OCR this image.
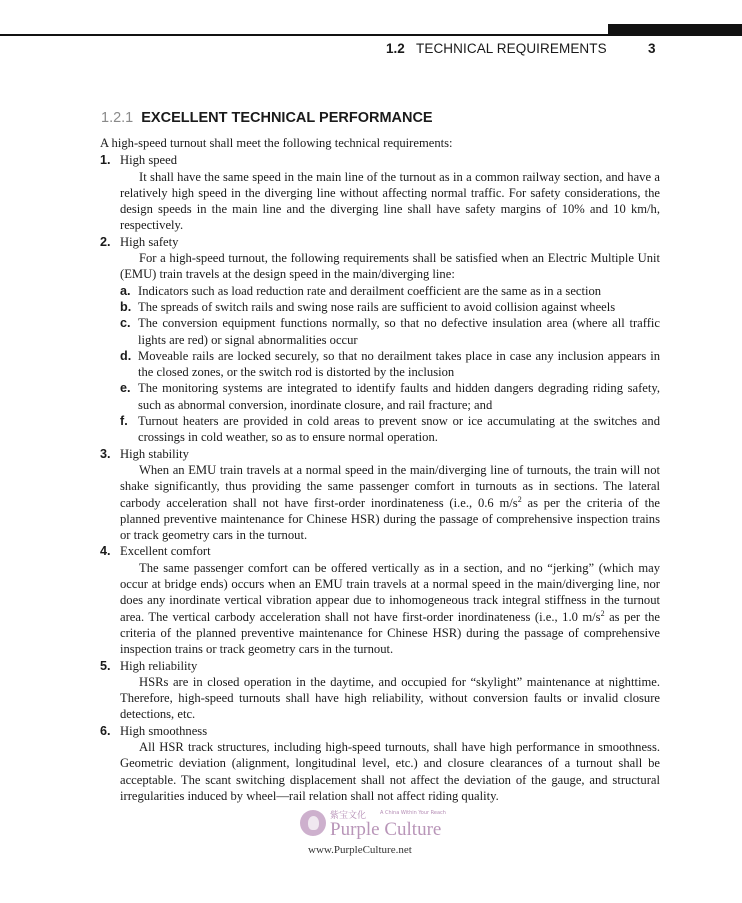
1.2 TECHNICAL REQUIREMENTS	3
1.2.1 EXCELLENT TECHNICAL PERFORMANCE

A high-speed turnout shall meet the following technical requirements:

1. High speed

It shall have the same speed in the main line of the turnout as in a common railway section, and have a relatively high speed in the diverging line without affecting normal traffic. For safety considerations, the design speeds in the main line and the diverging line shall have safety margins of 10% and 10 km/h, respectively.

2. High safety

For a high-speed turnout, the following requirements shall be satisfied when an Electric Multiple Unit (EMU) train travels at the design speed in the main/diverging line:

a. Indicators such as load reduction rate and derailment coefficient are the same as in a section
b. The spreads of switch rails and swing nose rails are sufficient to avoid collision against wheels
c. The conversion equipment functions normally, so that no defective insulation area (where all traffic lights are red) or signal abnormalities occur
d. Moveable rails are locked securely, so that no derailment takes place in case any inclusion appears in the closed zones, or the switch rod is distorted by the inclusion
e. The monitoring systems are integrated to identify faults and hidden dangers degrading riding safety, such as abnormal conversion, inordinate closure, and rail fracture; and
f. Turnout heaters are provided in cold areas to prevent snow or ice accumulating at the switches and crossings in cold weather, so as to ensure normal operation.
3. High stability

When an EMU train travels at a normal speed in the main/diverging line of turnouts, the train will not shake significantly, thus providing the same passenger comfort in turnouts as in sections. The lateral carbody acceleration shall not have first-order inordinateness (i.e., 0.6 $m/s^2$ as per the criteria of the planned preventive maintenance for Chinese HSR) during the passage of comprehensive inspection trains or track geometry cars in the turnout.

4. Excellent comfort

The same passenger comfort can be offered vertically as in a section, and no “jerking” (which may occur at bridge ends) occurs when an EMU train travels at a normal speed in the main/diverging line, nor does any inordinate vertical vibration appear due to inhomogeneous track integral stiffness in the turnout area. The vertical carbody acceleration shall not have first-order inordinateness (i.e., 1.0 $m/s^2$ as per the criteria of the planned preventive maintenance for Chinese HSR) during the passage of comprehensive inspection trains or track geometry cars in the turnout.

5. High reliability

HSRs are in closed operation in the daytime, and occupied for “skylight” maintenance at nighttime. Therefore, high-speed turnouts shall have high reliability, without conversion faults or invalid closure detections, etc.

6. High smoothness

All HSR track structures, including high-speed turnouts, shall have high performance in smoothness. Geometric deviation (alignment, longitudinal level, etc.) and closure clearances of a turnout shall be acceptable. The scant switching displacement shall not affect the deviation of the gauge, and structural irregularities induced by wheel—rail relation shall not affect riding quality.

紫宝文化	A China Within Your Reach
Purple Culture
www.PurpleCulture.net
